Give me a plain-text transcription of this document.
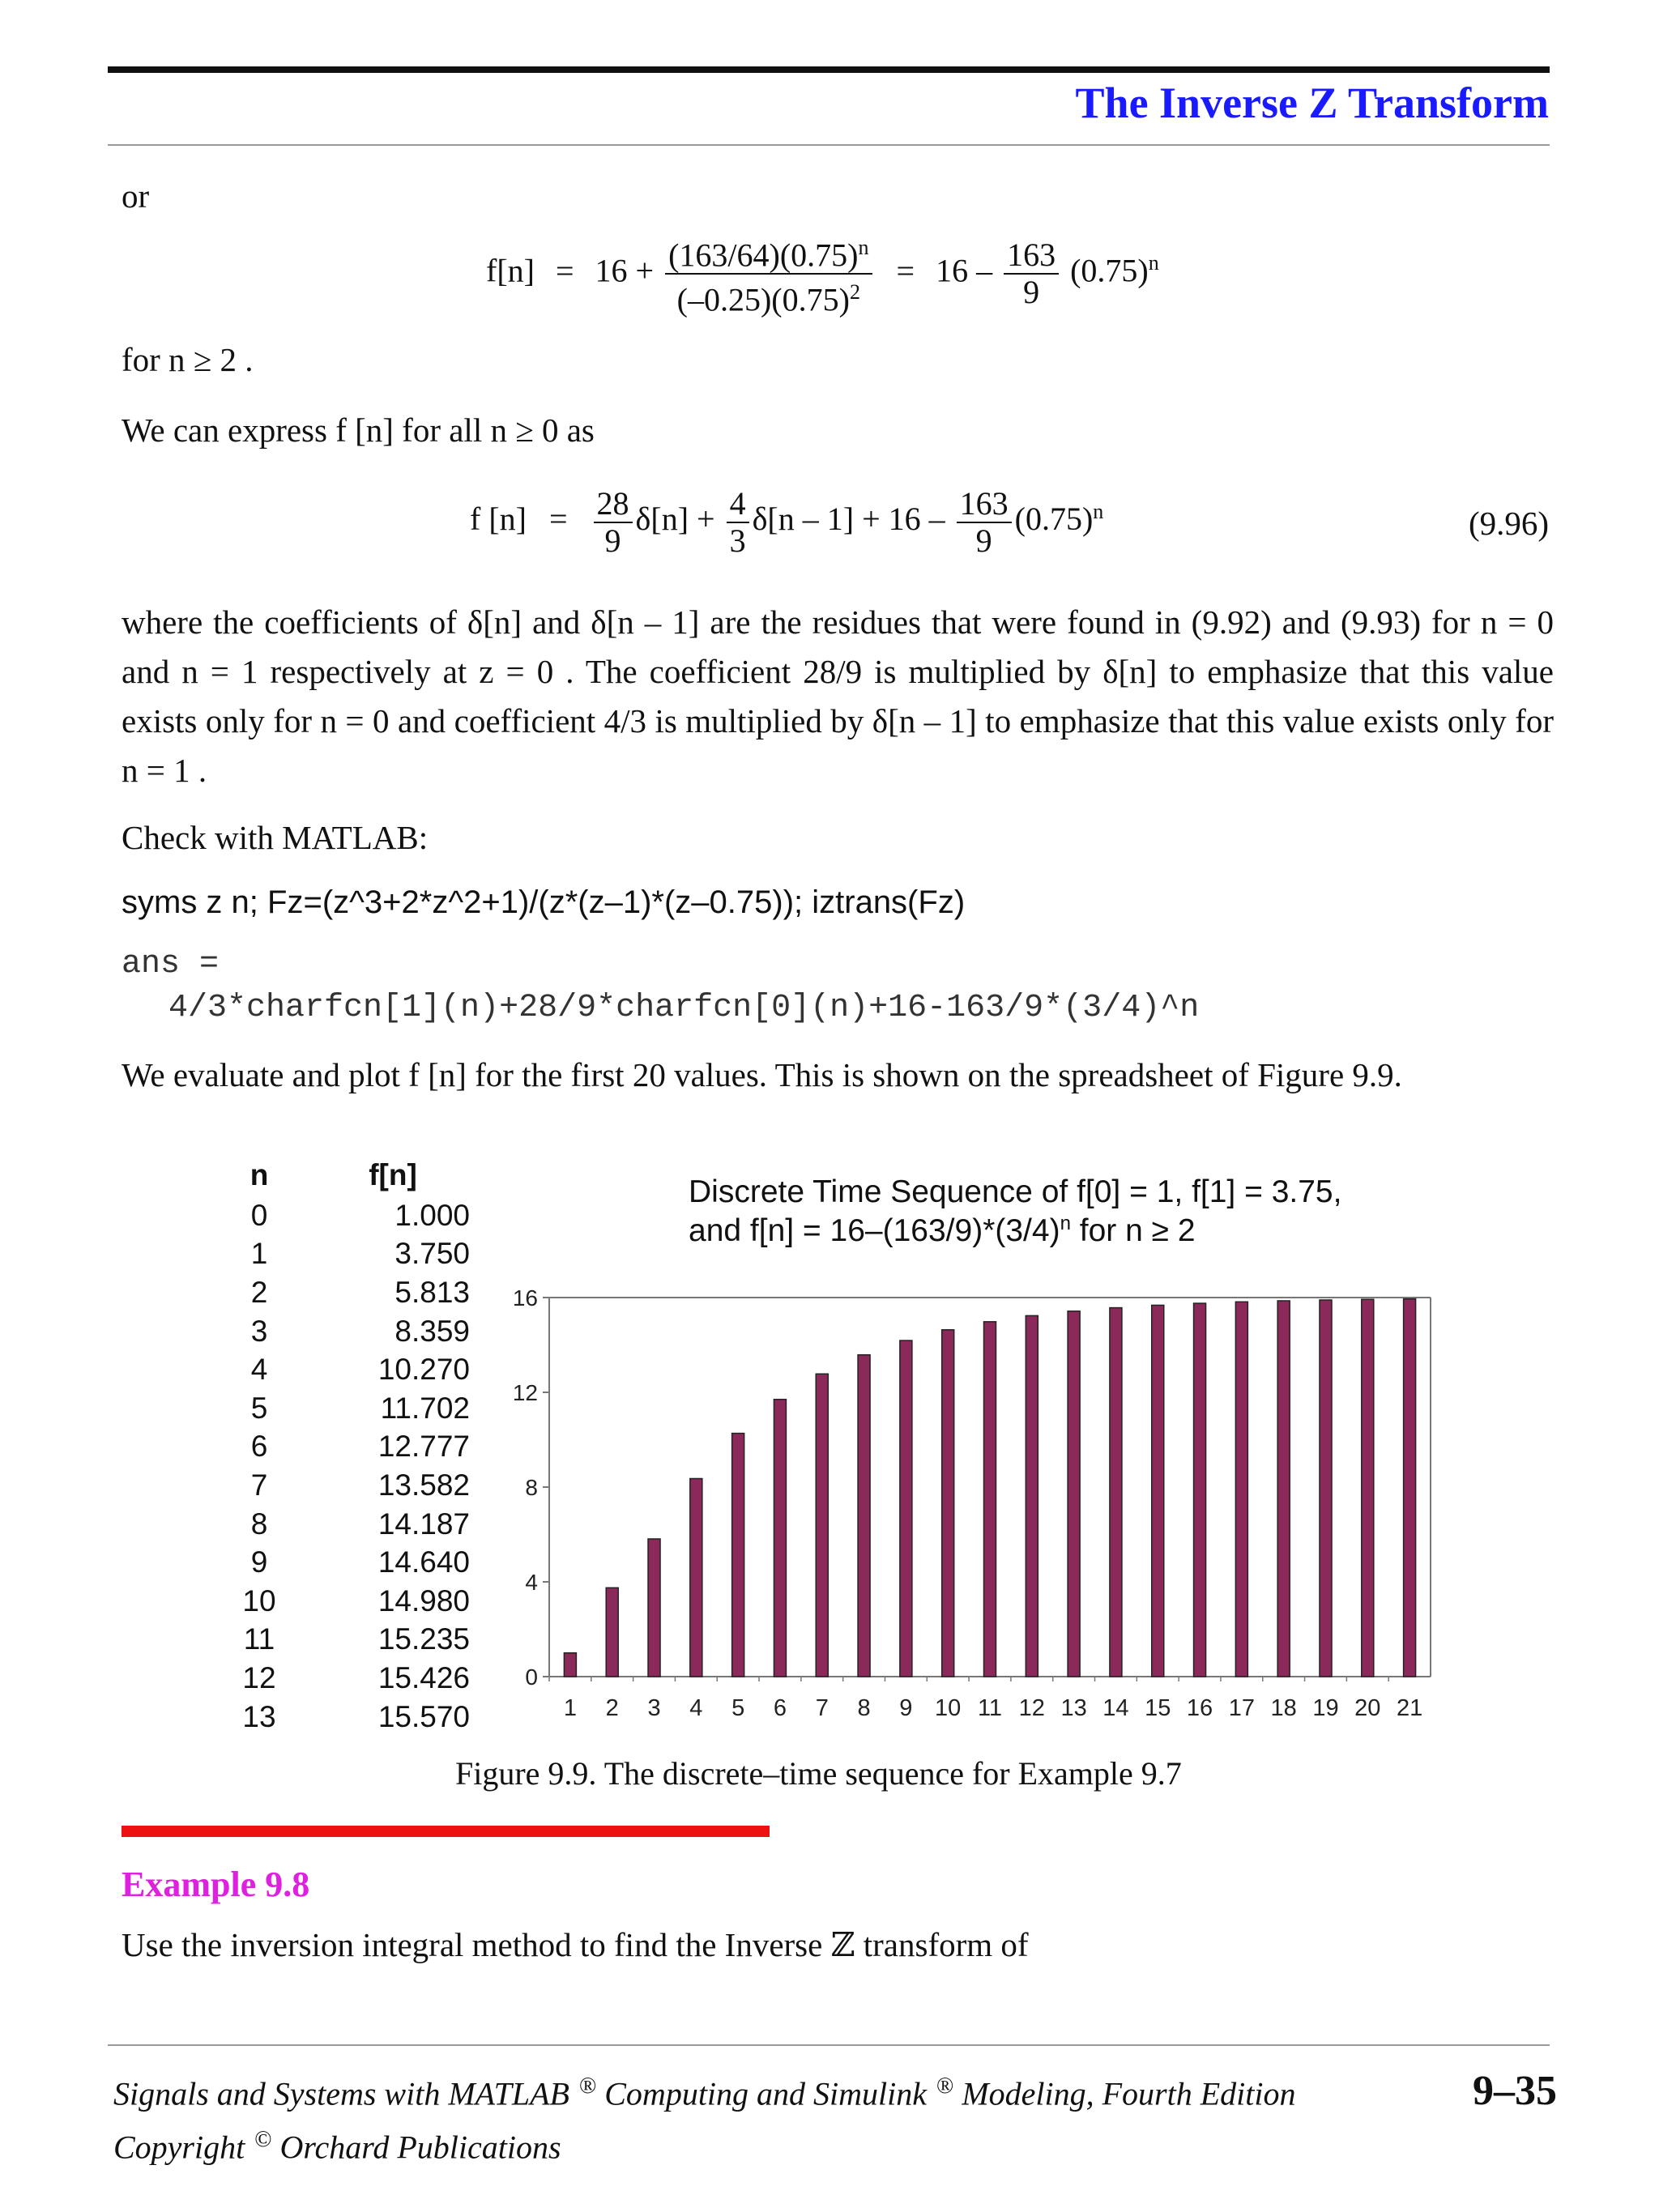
The Inverse Z Transform
or
$f[n] = 16 + \frac{(163/64)(0.75)^n}{(-0.25)(0.75)^2} = 16 - \frac{163}{9} (0.75)^n$
for n ≥ 2 .
We can express f [n] for all n ≥ 0 as
f $[n] = \frac{28}{9} \delta[n] + \frac{4}{3} \delta[n - 1] + 16 - \frac{163}{9} (0.75)^n$	(9.96)
where the coefficients of δ[n] and δ[n – 1] are the residues that were found in (9.92) and (9.93) for n = 0 and n = 1 respectively at z = 0 . The coefficient 28/9 is multiplied by δ[n] to emphasize that this value exists only for n = 0 and coefficient 4/3 is multiplied by δ[n – 1] to emphasize that this value exists only for n = 1 .
Check with MATLAB:
syms z n; Fz=(z^3+2*z^2+1)/(z*(z–1)*(z–0.75)); iztrans(Fz)
ans =
4/3*charfcn[1](n)+28/9*charfcn[0](n)+16-163/9*(3/4)^n
We evaluate and plot f [n] for the first 20 values. This is shown on the spreadsheet of Figure 9.9.
n	f[n]
0	1.000
1	3.750
2	5.813
3	8.359
4	10.270
5	11.702
6	12.777
7	13.582
8	14.187
9	14.640
10	14.980
11	15.235
12	15.426
13	15.570
Discrete Time Sequence of f[0] = 1, f[1] = 3.75,
and $f[n] = 16-(163/9)*(3/4)^n$ for n ≥ 2
0
4
8
12
16
1 2 3 4 5 6 7 8 9 10 11 12 13 14 15 16 17 18 19 20 21
Figure 9.9. The discrete–time sequence for Example 9.7
Example 9.8
Use the inversion integral method to find the Inverse ℤ transform of
Signals and Systems with MATLAB ® Computing and Simulink ® Modeling, Fourth Edition	9–35
Copyright © Orchard Publications
